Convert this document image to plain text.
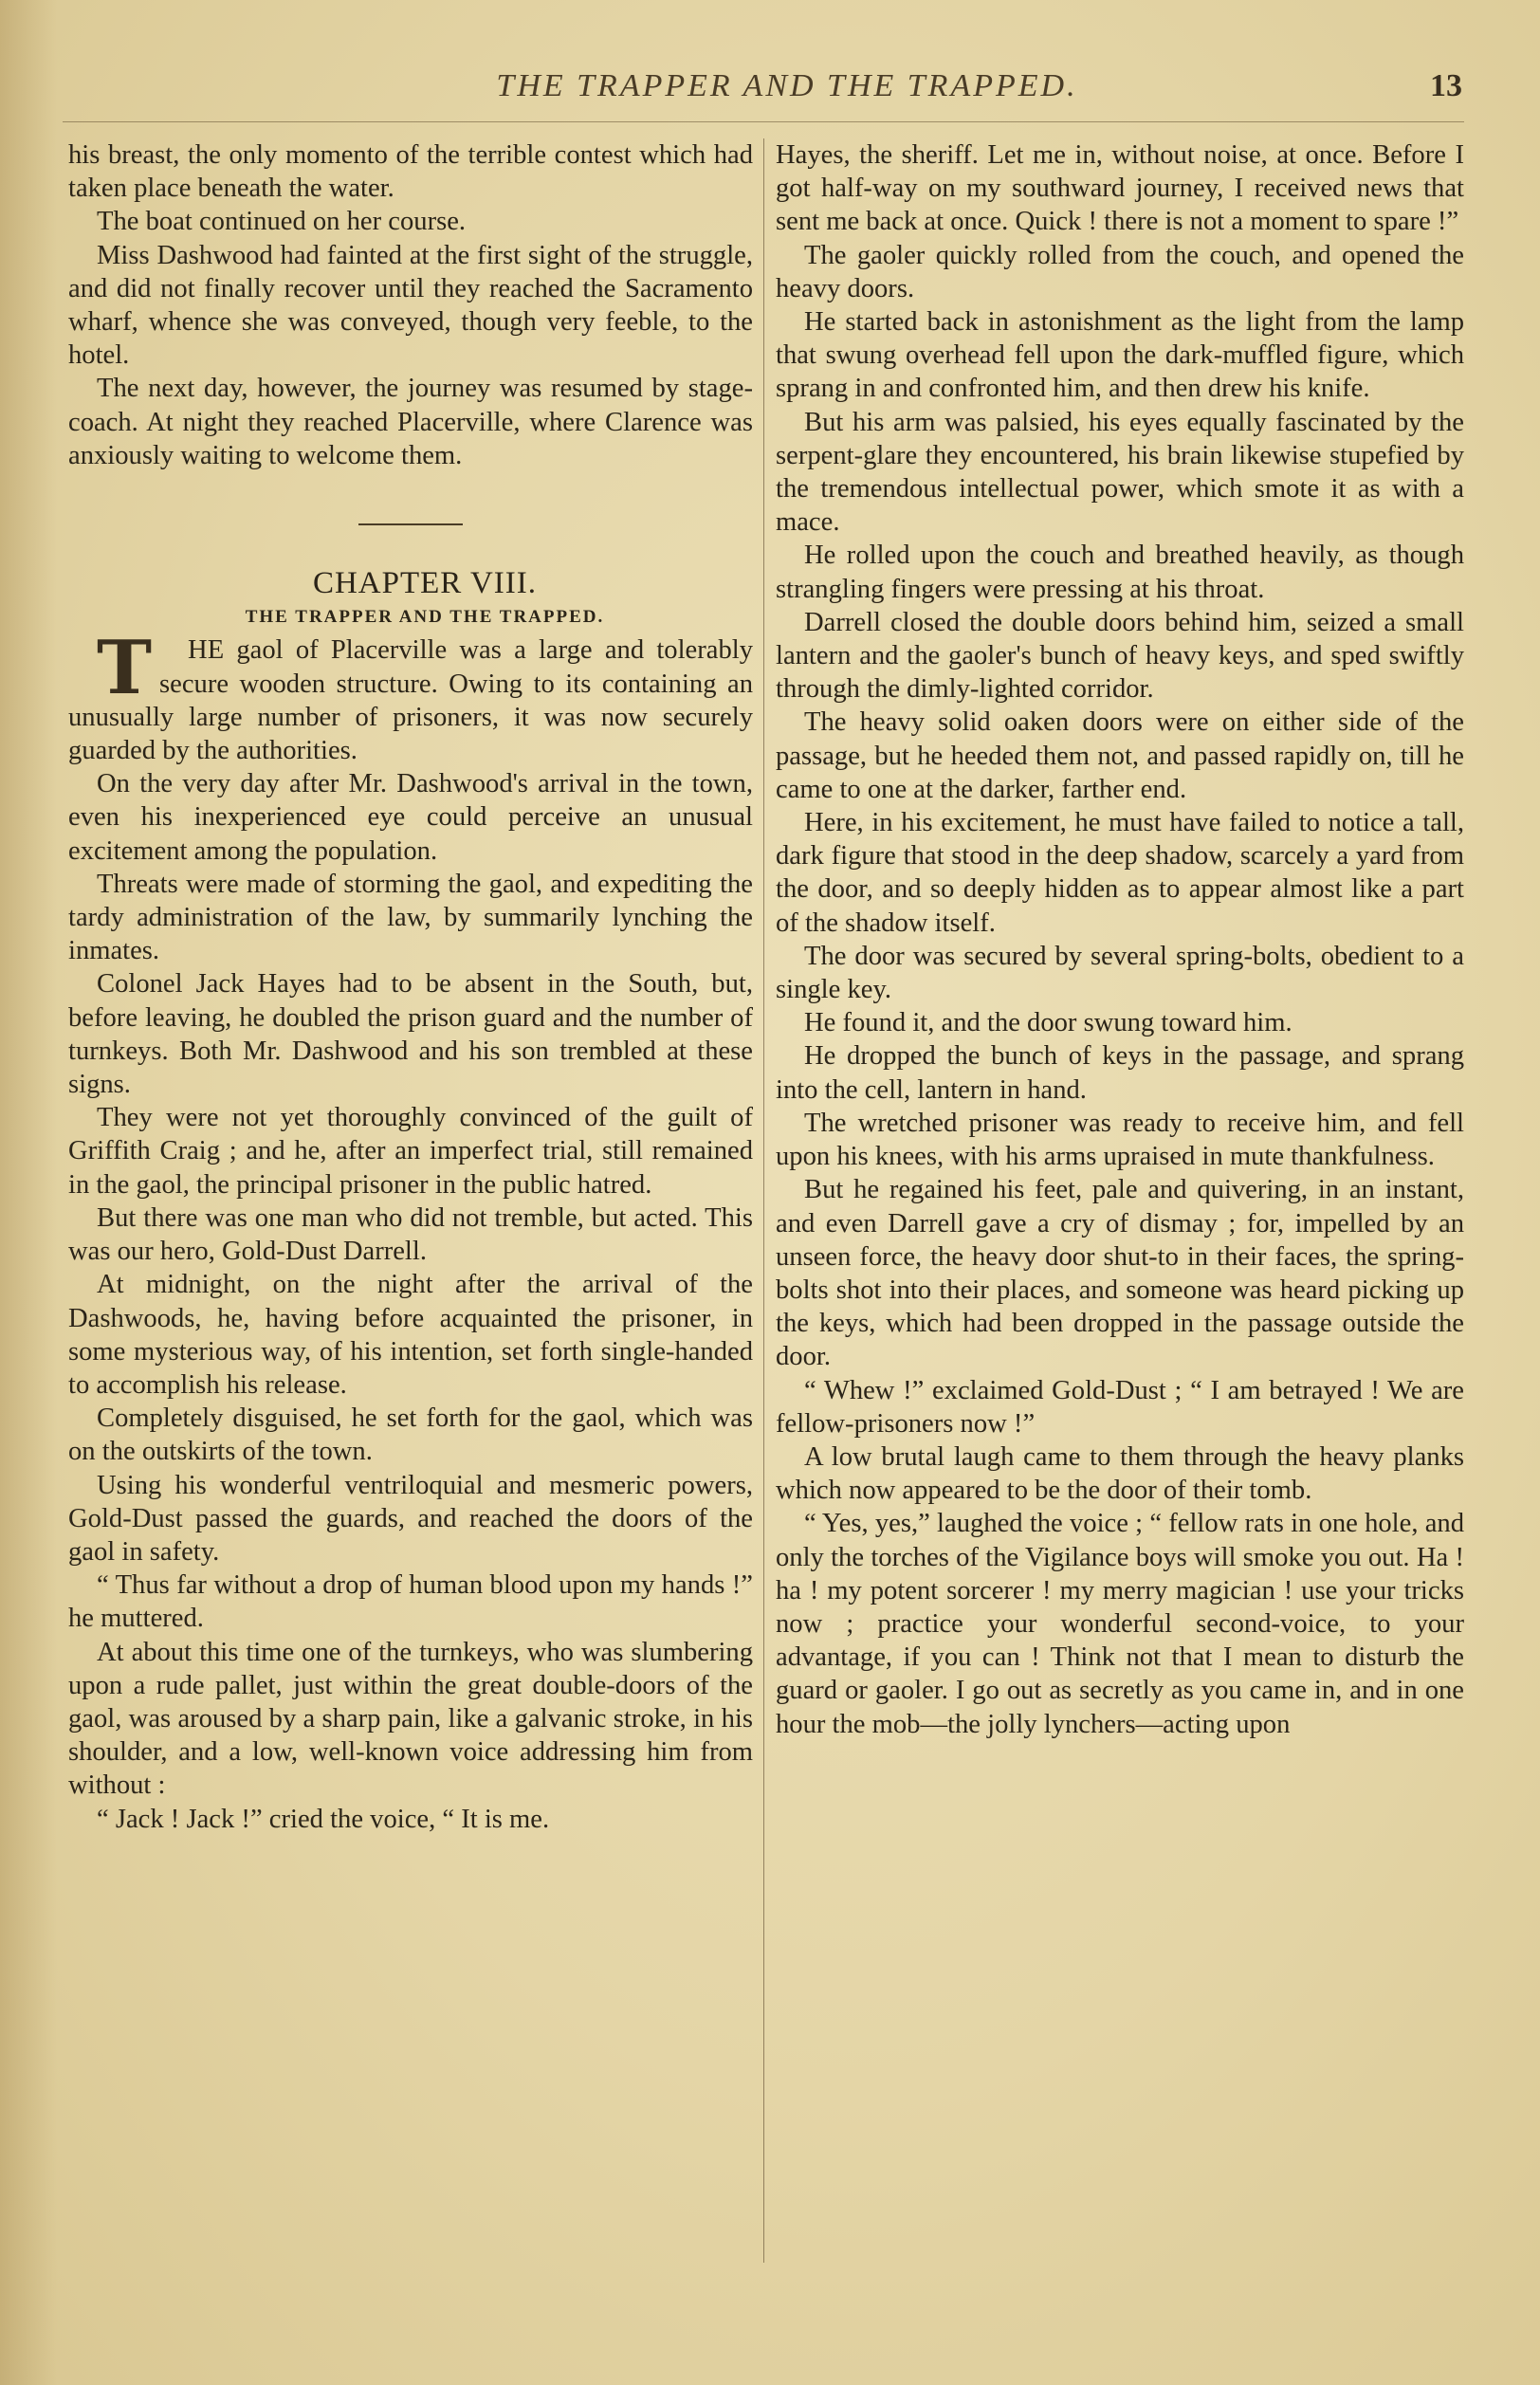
THE TRAPPER AND THE TRAPPED.	13

his breast, the only momento of the terrible contest which had taken place beneath the water.

The boat continued on her course.

Miss Dashwood had fainted at the first sight of the struggle, and did not finally recover until they reached the Sacramento wharf, whence she was conveyed, though very feeble, to the hotel.

The next day, however, the journey was resumed by stage-coach. At night they reached Placerville, where Clarence was anxiously waiting to welcome them.

CHAPTER VIII.

THE TRAPPER AND THE TRAPPED.

T HE gaol of Placerville was a large and tolerably secure wooden structure. Owing to its containing an unusually large number of prisoners, it was now securely guarded by the authorities.

On the very day after Mr. Dashwood's arrival in the town, even his inexperienced eye could perceive an unusual excitement among the population.

Threats were made of storming the gaol, and expediting the tardy administration of the law, by summarily lynching the inmates.

Colonel Jack Hayes had to be absent in the South, but, before leaving, he doubled the prison guard and the number of turnkeys. Both Mr. Dashwood and his son trembled at these signs.

They were not yet thoroughly convinced of the guilt of Griffith Craig ; and he, after an imperfect trial, still remained in the gaol, the principal prisoner in the public hatred.

But there was one man who did not tremble, but acted. This was our hero, Gold-Dust Darrell.

At midnight, on the night after the arrival of the Dashwoods, he, having before acquainted the prisoner, in some mysterious way, of his intention, set forth single-handed to accomplish his release.

Completely disguised, he set forth for the gaol, which was on the outskirts of the town.

Using his wonderful ventriloquial and mesmeric powers, Gold-Dust passed the guards, and reached the doors of the gaol in safety.

“ Thus far without a drop of human blood upon my hands !” he muttered.

At about this time one of the turnkeys, who was slumbering upon a rude pallet, just within the great double-doors of the gaol, was aroused by a sharp pain, like a galvanic stroke, in his shoulder, and a low, well-known voice addressing him from without :

“ Jack ! Jack !” cried the voice, “ It is me.

Hayes, the sheriff. Let me in, without noise, at once. Before I got half-way on my southward journey, I received news that sent me back at once. Quick ! there is not a moment to spare !”

The gaoler quickly rolled from the couch, and opened the heavy doors.

He started back in astonishment as the light from the lamp that swung overhead fell upon the dark-muffled figure, which sprang in and confronted him, and then drew his knife.

But his arm was palsied, his eyes equally fascinated by the serpent-glare they encountered, his brain likewise stupefied by the tremendous intellectual power, which smote it as with a mace.

He rolled upon the couch and breathed heavily, as though strangling fingers were pressing at his throat.

Darrell closed the double doors behind him, seized a small lantern and the gaoler's bunch of heavy keys, and sped swiftly through the dimly-lighted corridor.

The heavy solid oaken doors were on either side of the passage, but he heeded them not, and passed rapidly on, till he came to one at the darker, farther end.

Here, in his excitement, he must have failed to notice a tall, dark figure that stood in the deep shadow, scarcely a yard from the door, and so deeply hidden as to appear almost like a part of the shadow itself.

The door was secured by several spring-bolts, obedient to a single key.

He found it, and the door swung toward him.

He dropped the bunch of keys in the passage, and sprang into the cell, lantern in hand.

The wretched prisoner was ready to receive him, and fell upon his knees, with his arms upraised in mute thankfulness.

But he regained his feet, pale and quivering, in an instant, and even Darrell gave a cry of dismay ; for, impelled by an unseen force, the heavy door shut-to in their faces, the spring-bolts shot into their places, and someone was heard picking up the keys, which had been dropped in the passage outside the door.

“ Whew !” exclaimed Gold-Dust ; “ I am betrayed ! We are fellow-prisoners now !”

A low brutal laugh came to them through the heavy planks which now appeared to be the door of their tomb.

“ Yes, yes,” laughed the voice ; “ fellow rats in one hole, and only the torches of the Vigilance boys will smoke you out. Ha ! ha ! my potent sorcerer ! my merry magician ! use your tricks now ; practice your wonderful second-voice, to your advantage, if you can ! Think not that I mean to disturb the guard or gaoler. I go out as secretly as you came in, and in one hour the mob—the jolly lynchers—acting upon
